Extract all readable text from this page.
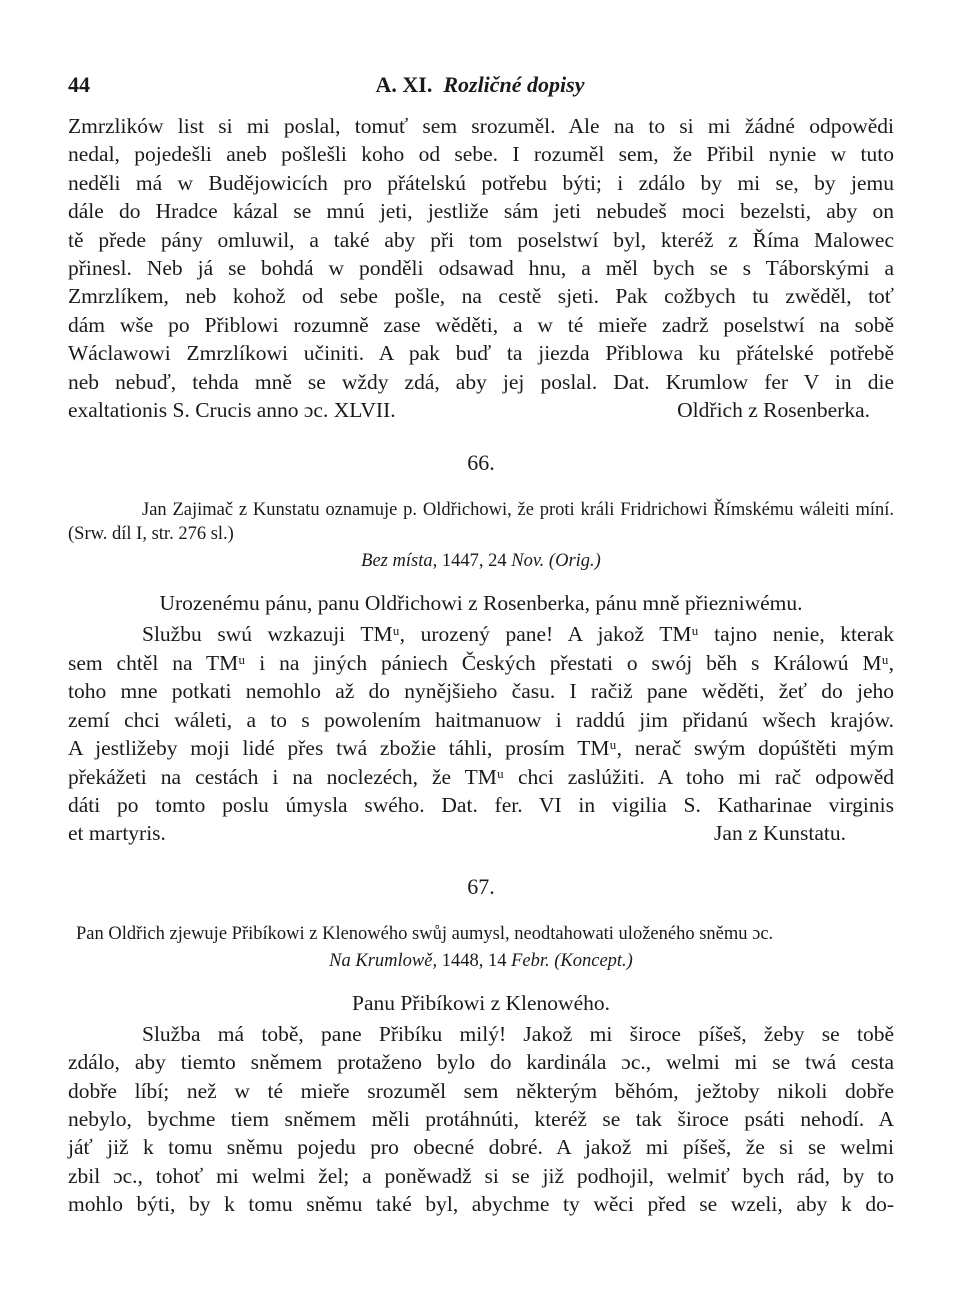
44	A. XI. Rozličné dopisy

Zmrzlików list si mi poslal, tomuť sem srozuměl. Ale na to si mi žádné odpowědi

nedal, pojedešli aneb pošlešli koho od sebe. I rozuměl sem, že Přibil nynie w tuto

neděli má w Budějowicích pro přátelskú potřebu býti; i zdálo by mi se, by jemu

dále do Hradce kázal se mnú jeti, jestliže sám jeti nebudeš moci bezelsti, aby on

tě přede pány omluwil, a také aby při tom poselstwí byl, kteréž z Říma Malowec

přinesl. Neb já se bohdá w ponděli odsawad hnu, a měl bych se s Táborskými a

Zmrzlíkem, neb kohož od sebe pošle, na cestě sjeti. Pak cožbych tu zwěděl, toť

dám wše po Přiblowi rozumně zase wěděti, a w té mieře zadrž poselstwí na sobě

Wáclawowi Zmrzlíkowi učiniti. A pak buď ta jiezda Přiblowa ku přátelské potřebě

neb nebuď, tehda mně se wždy zdá, aby jej poslal. Dat. Krumlow fer V in die

exaltationis S. Crucis anno ɔc. XLVII.	Oldřich z Rosenberka.
66.

Jan Zajimač z Kunstatu oznamuje p. Oldřichowi, že proti králi Fridrichowi Římskému wáleiti míní. (Srw. díl I, str. 276 sl.)

Bez místa, 1447, 24 Nov. (Orig.)
Urozenému pánu, panu Oldřichowi z Rosenberka, pánu mně přiezniwému.

Službu swú wzkazuji TMᵘ, urozený pane! A jakož TMᵘ tajno nenie, kterak

sem chtěl na TMᵘ i na jiných pániech Českých přestati o swój běh s Králowú Mᵘ,

toho mne potkati nemohlo až do nynějšieho času. I račiž pane wěděti, žeť do jeho

zemí chci wáleti, a to s powolením haitmanuow i raddú jim přidanú wšech krajów.

A jestližeby moji lidé přes twá zbožie táhli, prosím TMᵘ, nerač swým dopúštěti mým

překážeti na cestách i na noclezéch, že TMᵘ chci zaslúžiti. A toho mi rač odpowěd

dáti po tomto poslu úmysla swého. Dat. fer. VI in vigilia S. Katharinae virginis

et martyris.	Jan z Kunstatu.
67.

Pan Oldřich zjewuje Přibíkowi z Klenowého swůj aumysl, neodtahowati uloženého sněmu ɔc.

Na Krumlowě, 1448, 14 Febr. (Koncept.)
Panu Přibíkowi z Klenowého.

Služba má tobě, pane Přibíku milý! Jakož mi široce píšeš, žeby se tobě

zdálo, aby tiemto sněmem protaženo bylo do kardinála ɔc., welmi mi se twá cesta

dobře líbí; než w té mieře srozuměl sem některým běhóm, ježtoby nikoli dobře

nebylo, bychme tiem sněmem měli protáhnúti, kteréž se tak široce psáti nehodí. A

jáť již k tomu sněmu pojedu pro obecné dobré. A jakož mi píšeš, že si se welmi

zbil ɔc., tohoť mi welmi žel; a poněwadž si se již podhojil, welmiť bych rád, by to

mohlo býti, by k tomu sněmu také byl, abychme ty wěci před se wzeli, aby k do-
